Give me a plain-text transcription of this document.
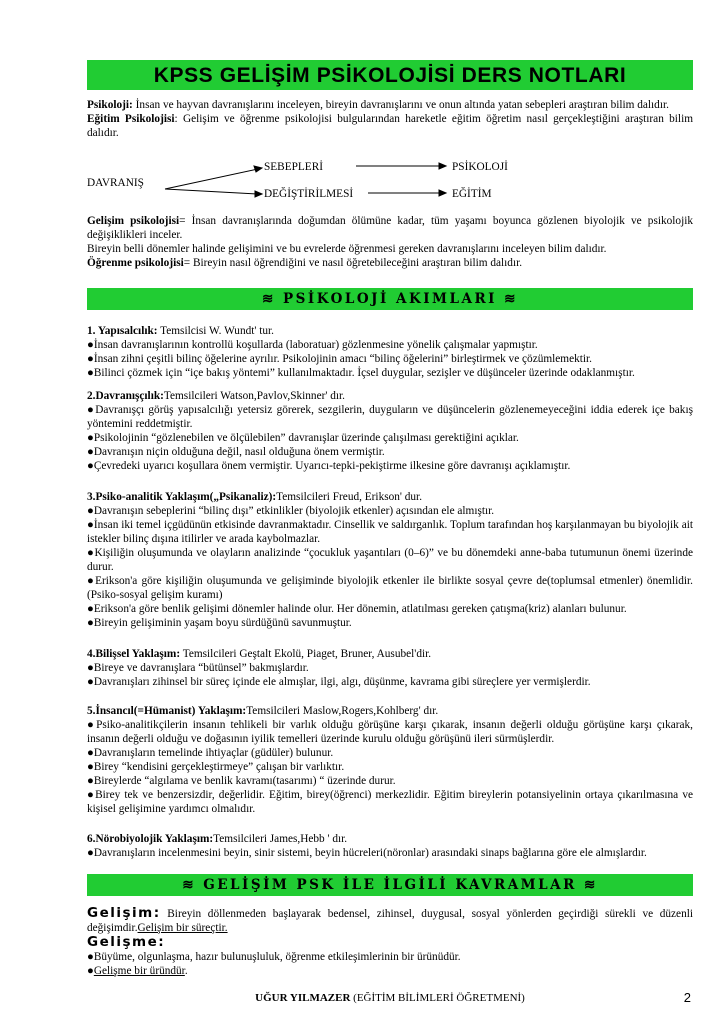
KPSS GELİŞİM PSİKOLOJİSİ DERS NOTLARI

Psikoloji: İnsan ve hayvan davranışlarını inceleyen, bireyin davranışlarını ve onun altında yatan sebepleri araştıran bilim dalıdır.

Eğitim Psikolojisi: Gelişim ve öğrenme psikolojisi bulgularından hareketle eğitim öğretim nasıl gerçekleştiğini araştıran bilim dalıdır.

DAVRANIŞ
SEBEPLERİ
DEĞİŞTİRİLMESİ
PSİKOLOJİ
EĞİTİM

Gelişim psikolojisi= İnsan davranışlarında doğumdan ölümüne kadar, tüm yaşamı boyunca gözlenen biyolojik ve psikolojik değişiklikleri inceler.

Bireyin belli dönemler halinde gelişimini ve bu evrelerde öğrenmesi gereken davranışlarını inceleyen bilim dalıdır.

Öğrenme psikolojisi= Bireyin nasıl öğrendiğini ve nasıl öğretebileceğini araştıran bilim dalıdır.

≋ PSİKOLOJİ AKIMLARI ≋

1. Yapısalcılık: Temsilcisi W. Wundt' tur.

●İnsan davranışlarının kontrollü koşullarda (laboratuar) gözlenmesine yönelik çalışmalar yapmıştır.

●İnsan zihni çeşitli bilinç öğelerine ayrılır. Psikolojinin amacı “bilinç öğelerini” birleştirmek ve çözümlemektir.

●Bilinci çözmek için “içe bakış yöntemi” kullanılmaktadır. İçsel duygular, sezişler ve düşünceler üzerinde odaklanmıştır.

2.Davranışçılık:Temsilcileri Watson,Pavlov,Skinner' dır.

●Davranışçı görüş yapısalcılığı yetersiz görerek, sezgilerin, duyguların ve düşüncelerin gözlenemeyeceğini iddia ederek içe bakış yöntemini reddetmiştir.

●Psikolojinin “gözlenebilen ve ölçülebilen” davranışlar üzerinde çalışılması gerektiğini açıklar.

●Davranışın niçin olduğuna değil, nasıl olduğuna önem vermiştir.

●Çevredeki uyarıcı koşullara önem vermiştir. Uyarıcı-tepki-pekiştirme ilkesine göre davranışı açıklamıştır.

3.Psiko-analitik Yaklaşım(„Psikanaliz):Temsilcileri Freud, Erikson' dur.

●Davranışın sebeplerini “bilinç dışı” etkinlikler (biyolojik etkenler) açısından ele almıştır.

●İnsan iki temel içgüdünün etkisinde davranmaktadır. Cinsellik ve saldırganlık. Toplum tarafından hoş karşılanmayan bu biyolojik ait istekler bilinç dışına itilirler ve arada kaybolmazlar.

●Kişiliğin oluşumunda ve olayların analizinde “çocukluk yaşantıları (0–6)” ve bu dönemdeki anne-baba tutumunun önemi üzerinde durur.

●Erikson'a göre kişiliğin oluşumunda ve gelişiminde biyolojik etkenler ile birlikte sosyal çevre de(toplumsal etmenler) önemlidir.(Psiko-sosyal gelişim kuramı)

●Erikson'a göre benlik gelişimi dönemler halinde olur. Her dönemin, atlatılması gereken çatışma(kriz) alanları bulunur.

●Bireyin gelişiminin yaşam boyu sürdüğünü savunmuştur.

4.Bilişsel Yaklaşım: Temsilcileri Geştalt Ekolü, Piaget, Bruner, Ausubel'dir.

●Bireye ve davranışlara “bütünsel” bakmışlardır.

●Davranışları zihinsel bir süreç içinde ele almışlar, ilgi, algı, düşünme, kavrama gibi süreçlere yer vermişlerdir.

5.İnsancıl(=Hümanist) Yaklaşım:Temsilcileri Maslow,Rogers,Kohlberg' dır.

●Psiko-analitikçilerin insanın tehlikeli bir varlık olduğu görüşüne karşı çıkarak, insanın değerli olduğu görüşüne karşı çıkarak, insanın değerli olduğu ve doğasının iyilik temelleri üzerinde kurulu olduğu görüşünü ileri sürmüşlerdir.

●Davranışların temelinde ihtiyaçlar (güdüler) bulunur.

●Birey “kendisini gerçekleştirmeye” çalışan bir varlıktır.

●Bireylerde “algılama ve benlik kavramı(tasarımı) “ üzerinde durur.

●Birey tek ve benzersizdir, değerlidir. Eğitim, birey(öğrenci) merkezlidir. Eğitim bireylerin potansiyelinin ortaya çıkarılmasına ve kişisel gelişimine yardımcı olmalıdır.

6.Nörobiyolojik Yaklaşım:Temsilcileri James,Hebb ' dır.

●Davranışların incelenmesini beyin, sinir sistemi, beyin hücreleri(nöronlar) arasındaki sinaps bağlarına göre ele almışlardır.

≋ GELİŞİM PSK İLE İLGİLİ KAVRAMLAR ≋

Gelişim: Bireyin döllenmeden başlayarak bedensel, zihinsel, duygusal, sosyal yönlerden geçirdiği sürekli ve düzenli değişimdir.Gelişim bir süreçtir.

Gelişme:

●Büyüme, olgunlaşma, hazır bulunuşluluk, öğrenme etkileşimlerinin bir ürünüdür.

●Gelişme bir üründür.

UĞUR YILMAZER (EĞİTİM BİLİMLERİ ÖĞRETMENİ)	2
